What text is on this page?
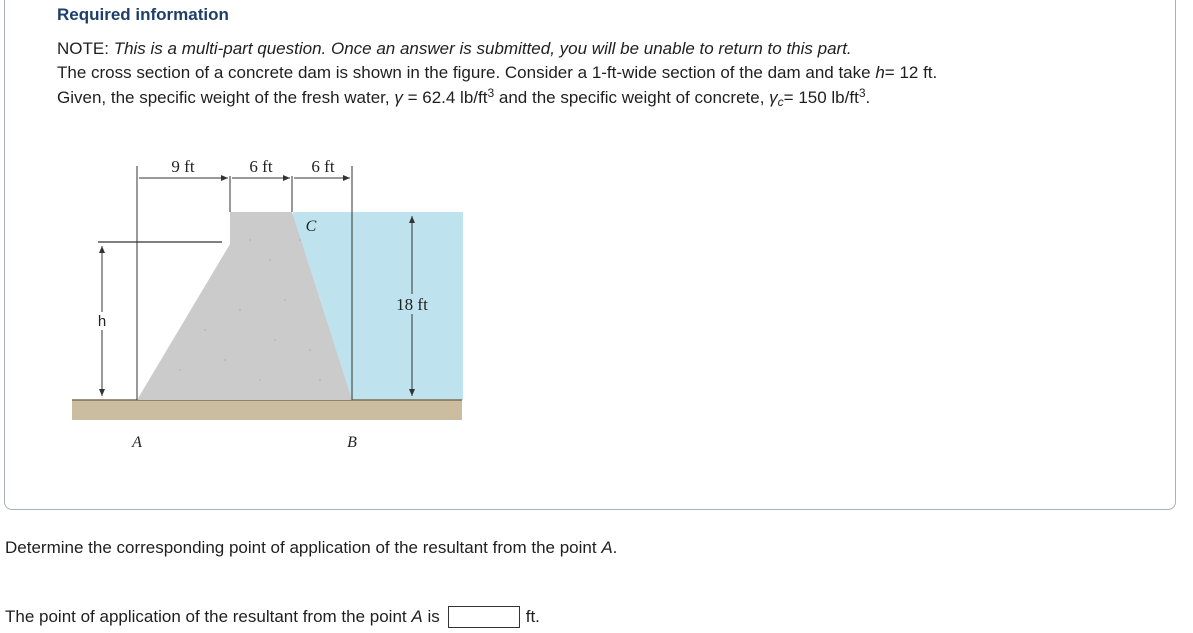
Required information
NOTE: This is a multi-part question. Once an answer is submitted, you will be unable to return to this part.
The cross section of a concrete dam is shown in the figure. Consider a 1-ft-wide section of the dam and take h= 12 ft.
Given, the specific weight of the fresh water, γ = 62.4 $lb/ft^3$ and the specific weight of concrete, $\gamma_c= 150$ $lb/ft^3$.
9 ft	6 ft 6 ft
C
18 ft
h
A	B
Determine the corresponding point of application of the resultant from the point A.
The point of application of the resultant from the point
A
is	ft.
